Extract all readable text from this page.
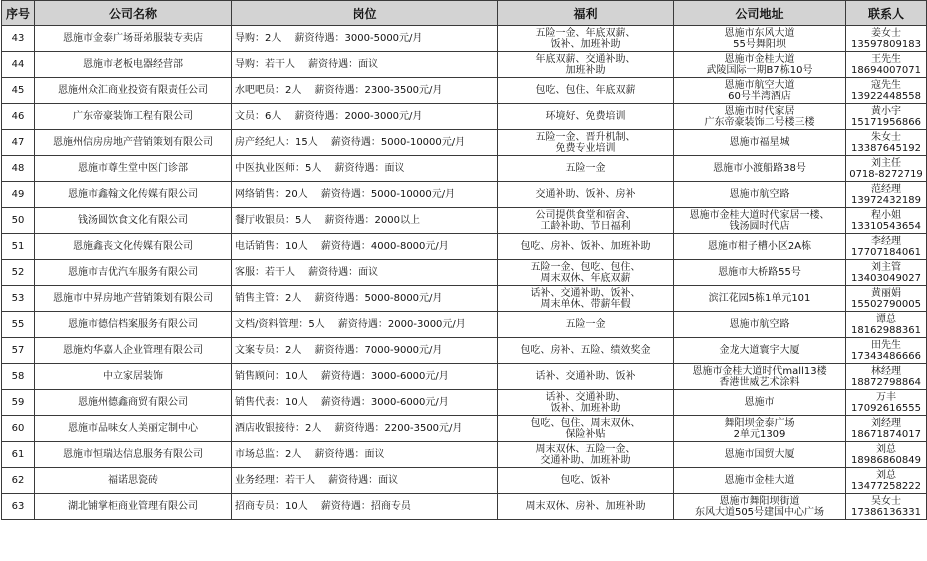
序号	公司名称	岗位	福利	公司地址	联系人
43	恩施市金泰广场哥弟服装专卖店	导购：2人　 薪资待遇：3000-5000元/月	五险一金、年底双薪、
饭补、加班补助	恩施市东风大道
55号舞阳坝	姜女士
13597809183

44	恩施市老板电器经营部	导购：若干人　 薪资待遇：面议	年底双薪、交通补助、
加班补助	恩施市金桂大道
武陵国际一期B7栋10号	王先生
18694007071

45	恩施州众汇商业投资有限责任公司	水吧吧员：2人　 薪资待遇：2300-3500元/月	包吃、包住、年底双薪	恩施市航空大道
60号半湾酒店	寇先生
13922448558

46	广东帝豪装饰工程有限公司	文员：6人　 薪资待遇：2000-3000元/月	环境好、免费培训	恩施市时代家居
广东帝豪装饰二号楼三楼	黄小宇
15171956866

47	恩施州信房房地产营销策划有限公司	房产经纪人：15人　 薪资待遇：5000-10000元/月	五险一金、晋升机制、
免费专业培训	恩施市福星城	朱女士
13387645192

48	恩施市尊生堂中医门诊部	中医执业医师：5人　 薪资待遇：面议	五险一金	恩施市小渡船路38号	刘主任
0718-8272719

49	恩施市鑫翰文化传媒有限公司	网络销售：20人　 薪资待遇：5000-10000元/月	交通补助、饭补、房补	恩施市航空路	范经理
13972432189

50	钱汤圆饮食文化有限公司	餐厅收银员：5人　 薪资待遇：2000以上	公司提供食堂和宿舍、
工龄补助、节日福利	恩施市金桂大道时代家居一楼、
钱汤圆时代店	程小姐
13310543654

51	恩施鑫丧文化传媒有限公司	电话销售：10人　 薪资待遇：4000-8000元/月	包吃、房补、饭补、加班补助	恩施市柑子槽小区2A栋	李经理
17707184061

52	恩施市吉优汽车服务有限公司	客服：若干人　 薪资待遇：面议	五险一金、包吃、包住、
周末双休、年底双薪	恩施市大桥路55号	刘主管
13403049027

53	恩施市中昇房地产营销策划有限公司	销售主管：2人　 薪资待遇：5000-8000元/月	话补、交通补助、饭补、
周末单休、带薪年假	滨江花园5栋1单元101	黄丽娟
15502790005

55	恩施市德信档案服务有限公司	文档/资料管理：5人　 薪资待遇：2000-3000元/月	五险一金	恩施市航空路	谭总
18162988361

57	恩施灼华嘉人企业管理有限公司	文案专员：2人　 薪资待遇：7000-9000元/月	包吃、房补、五险、绩效奖金	金龙大道寰宇大厦	田先生
17343486666

58	中立家居装饰	销售顾问：10人　 薪资待遇：3000-6000元/月	话补、交通补助、饭补	恩施市金桂大道时代mall13楼
香港世威艺术涂料	林经理
18872798864

59	恩施州德鑫商贸有限公司	销售代表：10人　 薪资待遇：3000-6000元/月	话补、交通补助、
饭补、加班补助	恩施市	万丰
17092616555

60	恩施市品味女人美丽定制中心	酒店收银接待：2人　 薪资待遇：2200-3500元/月	包吃、包住、周末双休、
保险补贴	舞阳坝金泰广场
2单元1309	刘经理
18671874017

61	恩施市恒瑞达信息服务有限公司	市场总监：2人　 薪资待遇：面议	周末双休、五险一金、
交通补助、加班补助	恩施市国贸大厦	刘总
18986860849

62	福诺思瓷砖	业务经理：若干人　 薪资待遇：面议	包吃、饭补	恩施市金桂大道	刘总
13477258222

63	湖北铺掌柜商业管理有限公司	招商专员：10人　 薪资待遇：招商专员	周末双休、房补、加班补助	恩施市舞阳坝街道
东风大道505号建国中心广场	吴女士
17386136331
